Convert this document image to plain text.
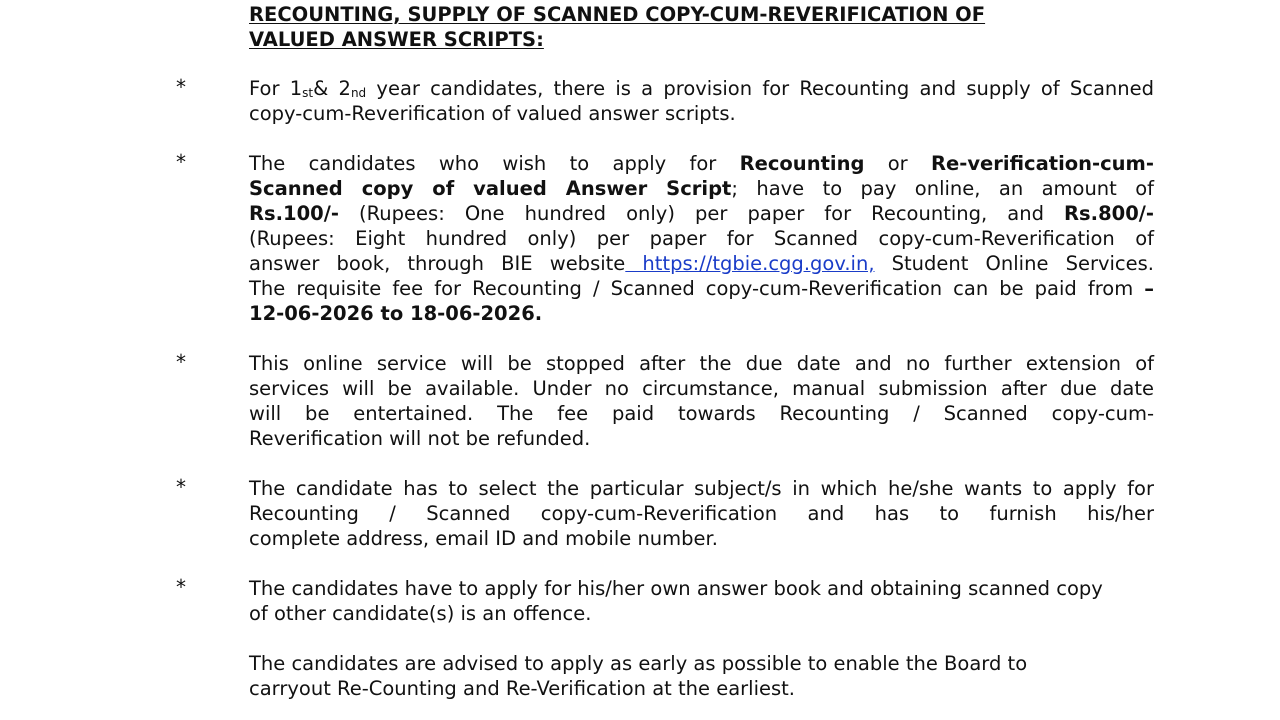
RECOUNTING, SUPPLY OF SCANNED COPY-CUM-REVERIFICATION OF
VALUED ANSWER SCRIPTS:
*	For $1_{st}\&$ $2_{nd}$ year candidates, there is a provision for Recounting and supply of Scanned
copy-cum-Reverification of valued answer scripts.
*	The candidates who wish to apply for Recounting or Re-verification-cum-
Scanned copy of valued Answer Script; have to pay online, an amount of
Rs.100/- (Rupees: One hundred only) per paper for Recounting, and Rs.800/-
(Rupees: Eight hundred only) per paper for Scanned copy-cum-Reverification of
answer book, through BIE website https://tgbie.cgg.gov.in, Student Online Services.
The requisite fee for Recounting / Scanned copy-cum-Reverification can be paid from –
12-06-2026 to 18-06-2026.
*	This online service will be stopped after the due date and no further extension of
services will be available. Under no circumstance, manual submission after due date
will be entertained. The fee paid towards Recounting / Scanned copy-cum-
Reverification will not be refunded.
*	The candidate has to select the particular subject/s in which he/she wants to apply for
Recounting / Scanned copy-cum-Reverification and has to furnish his/her
complete address, email ID and mobile number.
*	The candidates have to apply for his/her own answer book and obtaining scanned copy
of other candidate(s) is an offence.
The candidates are advised to apply as early as possible to enable the Board to
carryout Re-Counting and Re-Verification at the earliest.
